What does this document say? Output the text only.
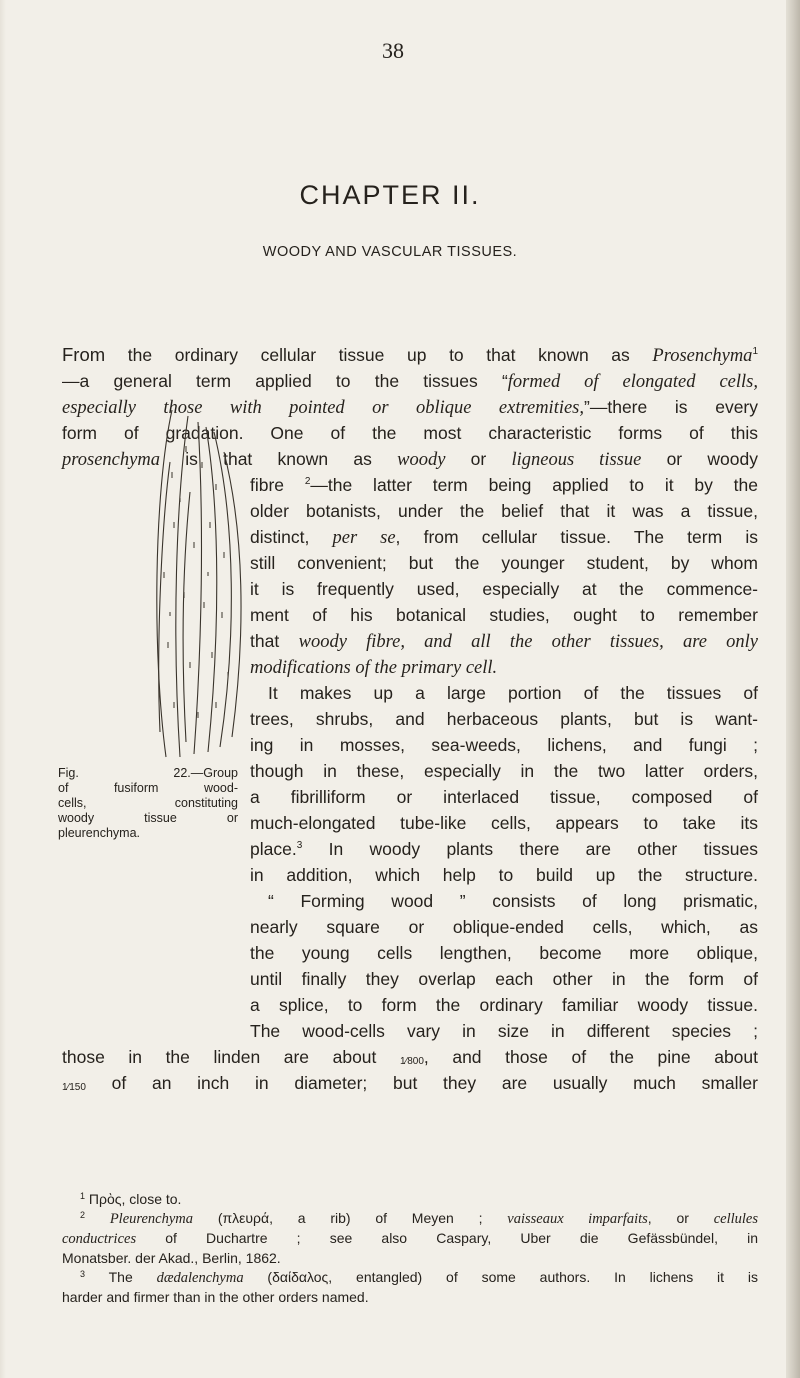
38
CHAPTER II.
WOODY AND VASCULAR TISSUES.
From the ordinary cellular tissue up to that known as Prosenchyma$^1$
—a general term applied to the tissues “formed of elongated cells,
especially those with pointed or oblique extremities,”—there is every
form of gradation. One of the most characteristic forms of this
prosenchyma is that known as woody or ligneous tissue or woody
fibre $^2$—the latter term being applied to it by the
older botanists, under the belief that it was a tissue,
distinct, per se, from cellular tissue. The term is
still convenient; but the younger student, by whom
it is frequently used, especially at the commence-
ment of his botanical studies, ought to remember
that woody fibre, and all the other tissues, are only
modifications of the primary cell.
It makes up a large portion of the tissues of
trees, shrubs, and herbaceous plants, but is want-
ing in mosses, sea-weeds, lichens, and fungi ;
though in these, especially in the two latter orders,
a fibrilliform or interlaced tissue, composed of
much-elongated tube-like cells, appears to take its
place.$^3$ In woody plants there are other tissues
in addition, which help to build up the structure.
“ Forming wood ” consists of long prismatic,
nearly square or oblique-ended cells, which, as
the young cells lengthen, become more oblique,
until finally they overlap each other in the form of
a splice, to form the ordinary familiar woody tissue.
The wood-cells vary in size in different species ;
those in the linden are about 1⁄800, and those of the pine about
1⁄150 of an inch in diameter; but they are usually much smaller
Fig. 22.—Group
of fusiform wood-
cells, constituting
woody tissue or
pleurenchyma.

$^1$ Πρὸς, close to.

$^2$ Pleurenchyma (πλευρά, a rib) of Meyen ; vaisseaux imparfaits, or cellules

conductrices of Duchartre ; see also Caspary, Uber die Gefässbündel, in

Monatsber. der Akad., Berlin, 1862.

$^3$ The dædalenchyma (δαίδαλος, entangled) of some authors. In lichens it is

harder and firmer than in the other orders named.
